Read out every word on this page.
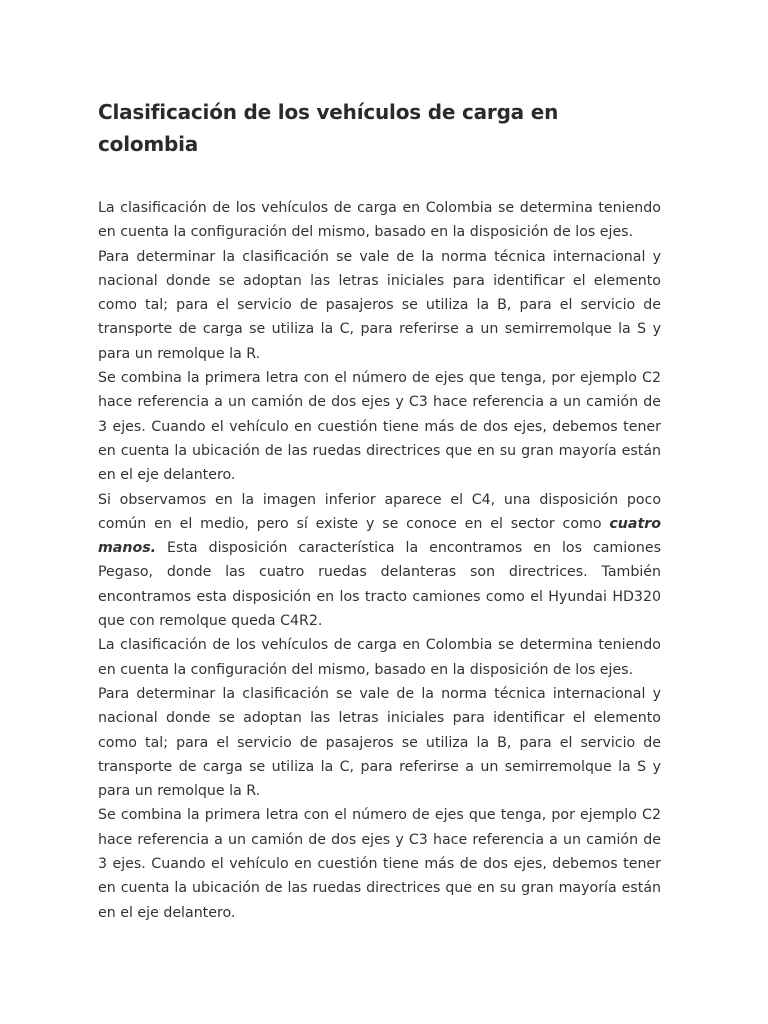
Clasificación de los vehículos de carga en colombia

La clasificación de los vehículos de carga en Colombia se determina teniendo en cuenta la configuración del mismo, basado en la disposición de los ejes.

Para determinar la clasificación se vale de la norma técnica internacional y nacional donde se adoptan las letras iniciales para identificar el elemento como tal; para el servicio de pasajeros se utiliza la B, para el servicio de transporte de carga se utiliza la C, para referirse a un semirremolque la S y para un remolque la R.

Se combina la primera letra con el número de ejes que tenga, por ejemplo C2 hace referencia a un camión de dos ejes y C3 hace referencia a un camión de 3 ejes. Cuando el vehículo en cuestión tiene más de dos ejes, debemos tener en cuenta la ubicación de las ruedas directrices que en su gran mayoría están en el eje delantero.

Si observamos en la imagen inferior aparece el C4, una disposición poco común en el medio, pero sí existe y se conoce en el sector como cuatro manos. Esta disposición característica la encontramos en los camiones Pegaso, donde las cuatro ruedas delanteras son directrices. También encontramos esta disposición en los tracto camiones como el Hyundai HD320 que con remolque queda C4R2.

La clasificación de los vehículos de carga en Colombia se determina teniendo en cuenta la configuración del mismo, basado en la disposición de los ejes.

Para determinar la clasificación se vale de la norma técnica internacional y nacional donde se adoptan las letras iniciales para identificar el elemento como tal; para el servicio de pasajeros se utiliza la B, para el servicio de transporte de carga se utiliza la C, para referirse a un semirremolque la S y para un remolque la R.

Se combina la primera letra con el número de ejes que tenga, por ejemplo C2 hace referencia a un camión de dos ejes y C3 hace referencia a un camión de 3 ejes. Cuando el vehículo en cuestión tiene más de dos ejes, debemos tener en cuenta la ubicación de las ruedas directrices que en su gran mayoría están en el eje delantero.
